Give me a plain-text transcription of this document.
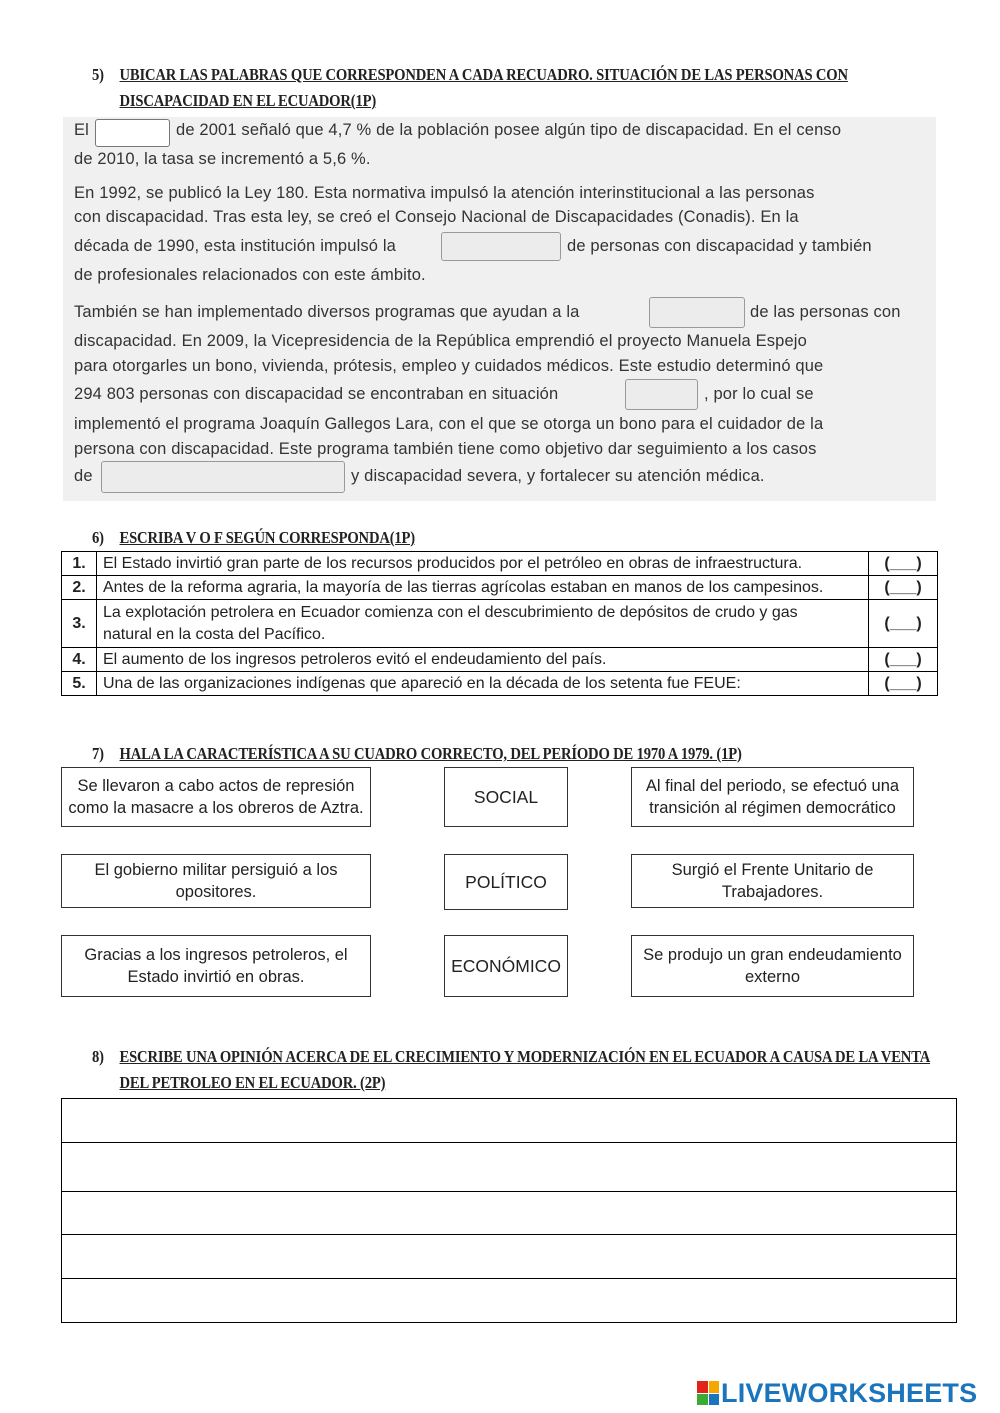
5) UBICAR LAS PALABRAS QUE CORRESPONDEN A CADA RECUADRO. SITUACIÓN DE LAS PERSONAS CON
DISCAPACIDAD EN EL ECUADOR(1P)
El	de 2001 señaló que 4,7 % de la población posee algún tipo de discapacidad. En el censo
de 2010, la tasa se incrementó a 5,6 %.
En 1992, se publicó la Ley 180. Esta normativa impulsó la atención interinstitucional a las personas
con discapacidad. Tras esta ley, se creó el Consejo Nacional de Discapacidades (Conadis). En la
década de 1990, esta institución impulsó la	de personas con discapacidad y también
de profesionales relacionados con este ámbito.
También se han implementado diversos programas que ayudan a la	de las personas con
discapacidad. En 2009, la Vicepresidencia de la República emprendió el proyecto Manuela Espejo
para otorgarles un bono, vivienda, prótesis, empleo y cuidados médicos. Este estudio determinó que
294 803 personas con discapacidad se encontraban en situación	, por lo cual se
implementó el programa Joaquín Gallegos Lara, con el que se otorga un bono para el cuidador de la
persona con discapacidad. Este programa también tiene como objetivo dar seguimiento a los casos
de	y discapacidad severa, y fortalecer su atención médica.
6) ESCRIBA V O F SEGÚN CORRESPONDA(1P)
1.	El Estado invirtió gran parte de los recursos producidos por el petróleo en obras de infraestructura.	(___)
2.	Antes de la reforma agraria, la mayoría de las tierras agrícolas estaban en manos de los campesinos.	(___)
3.	La explotación petrolera en Ecuador comienza con el descubrimiento de depósitos de crudo y gas
natural en la costa del Pacífico.	(___)
4.	El aumento de los ingresos petroleros evitó el endeudamiento del país.	(___)
5.	Una de las organizaciones indígenas que apareció en la década de los setenta fue FEUE:	(___)
7) HALA LA CARACTERÍSTICA A SU CUADRO CORRECTO, DEL PERÍODO DE 1970 A 1979. (1P)
Se llevaron a cabo actos de represión
como la masacre a los obreros de Aztra.
El gobierno militar persiguió a los
opositores.
Gracias a los ingresos petroleros, el
Estado invirtió en obras.
SOCIAL
POLÍTICO
ECONÓMICO
Al final del periodo, se efectuó una
transición al régimen democrático
Surgió el Frente Unitario de
Trabajadores.
Se produjo un gran endeudamiento
externo
8) ESCRIBE UNA OPINIÓN ACERCA DE EL CRECIMIENTO Y MODERNIZACIÓN EN EL ECUADOR A CAUSA DE LA VENTA
DEL PETROLEO EN EL ECUADOR. (2P)
LIVEWORKSHEETS
